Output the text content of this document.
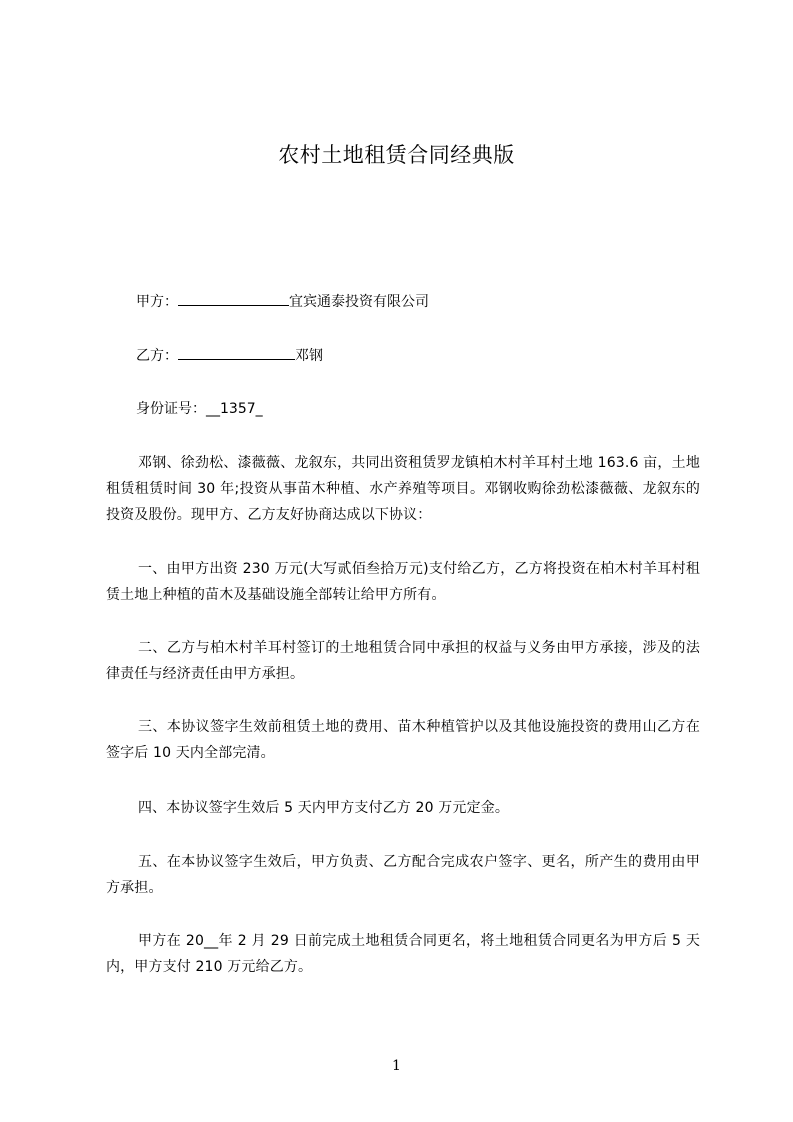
农村土地租赁合同经典版
甲方：	宜宾通泰投资有限公司
乙方：	邓钢
身份证号：__1357_
邓钢、徐劲松、漆薇薇、龙叙东，共同出资租赁罗龙镇柏木村羊耳村土地 163.6 亩，土地租赁租赁时间 30 年;投资从事苗木种植、水产养殖等项目。邓钢收购徐劲松漆薇薇、龙叙东的投资及股份。现甲方、乙方友好协商达成以下协议：
一、由甲方出资 230 万元(大写贰佰叁拾万元)支付给乙方，乙方将投资在柏木村羊耳村租赁土地上种植的苗木及基础设施全部转让给甲方所有。
二、乙方与柏木村羊耳村签订的土地租赁合同中承担的权益与义务由甲方承接，涉及的法律责任与经济责任由甲方承担。
三、本协议签字生效前租赁土地的费用、苗木种植管护以及其他设施投资的费用山乙方在签字后 10 天内全部完清。
四、本协议签字生效后 5 天内甲方支付乙方 20 万元定金。
五、在本协议签字生效后，甲方负责、乙方配合完成农户签字、更名，所产生的费用由甲方承担。
甲方在 20__年 2 月 29 日前完成土地租赁合同更名，将土地租赁合同更名为甲方后 5 天内，甲方支付 210 万元给乙方。
1
